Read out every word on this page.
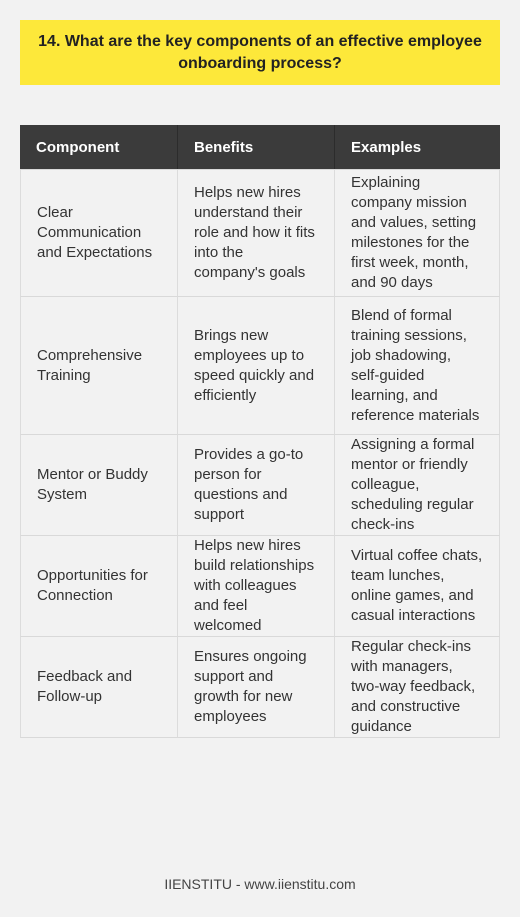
14. What are the key components of an effective employee onboarding process?
Component	Benefits	Examples
Clear Communication and Expectations	Helps new hires understand their role and how it fits into the company's goals	Explaining company mission and values, setting milestones for the first week, month, and 90 days
Comprehensive Training	Brings new employees up to speed quickly and efficiently	Blend of formal training sessions, job shadowing, self-guided learning, and reference materials
Mentor or Buddy System	Provides a go-to person for questions and support	Assigning a formal mentor or friendly colleague, scheduling regular check-ins
Opportunities for Connection	Helps new hires build relationships with colleagues and feel welcomed	Virtual coffee chats, team lunches, online games, and casual interactions
Feedback and Follow-up	Ensures ongoing support and growth for new employees	Regular check-ins with managers, two-way feedback, and constructive guidance
IIENSTITU - www.iienstitu.com
